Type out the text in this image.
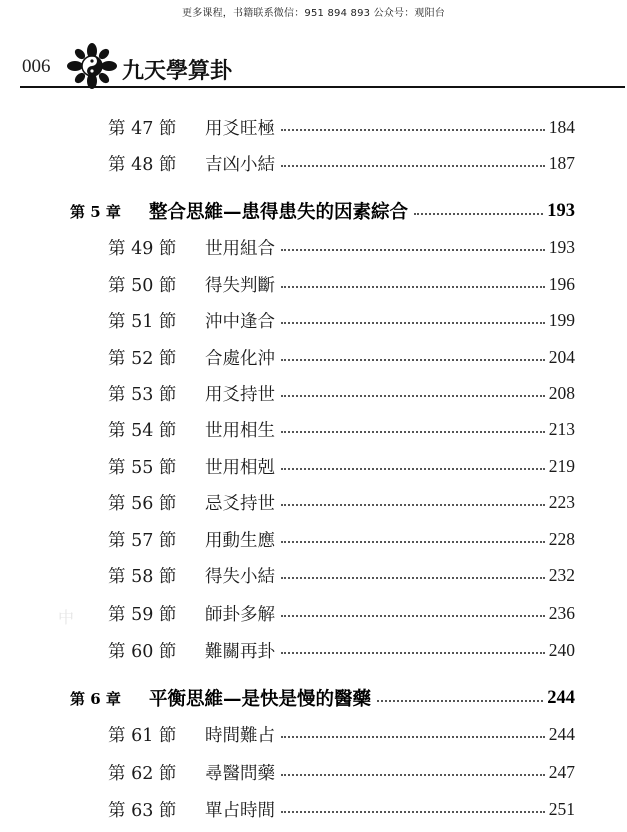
更多课程，书籍联系微信：951 894 893 公众号：观阳台
006	九天學算卦
中
第 47 節 用爻旺極	184
第 48 節 吉凶小結	187
第 5 章 整合思維—患得患失的因素綜合	193
第 49 節 世用組合	193
第 50 節 得失判斷	196
第 51 節 沖中逢合	199
第 52 節 合處化沖	204
第 53 節 用爻持世	208
第 54 節 世用相生	213
第 55 節 世用相剋	219
第 56 節 忌爻持世	223
第 57 節 用動生應	228
第 58 節 得失小結	232
第 59 節 師卦多解	236
第 60 節 難關再卦	240
第 6 章 平衡思維—是快是慢的醫藥	244
第 61 節 時間難占	244
第 62 節 尋醫問藥	247
第 63 節 單占時間	251
